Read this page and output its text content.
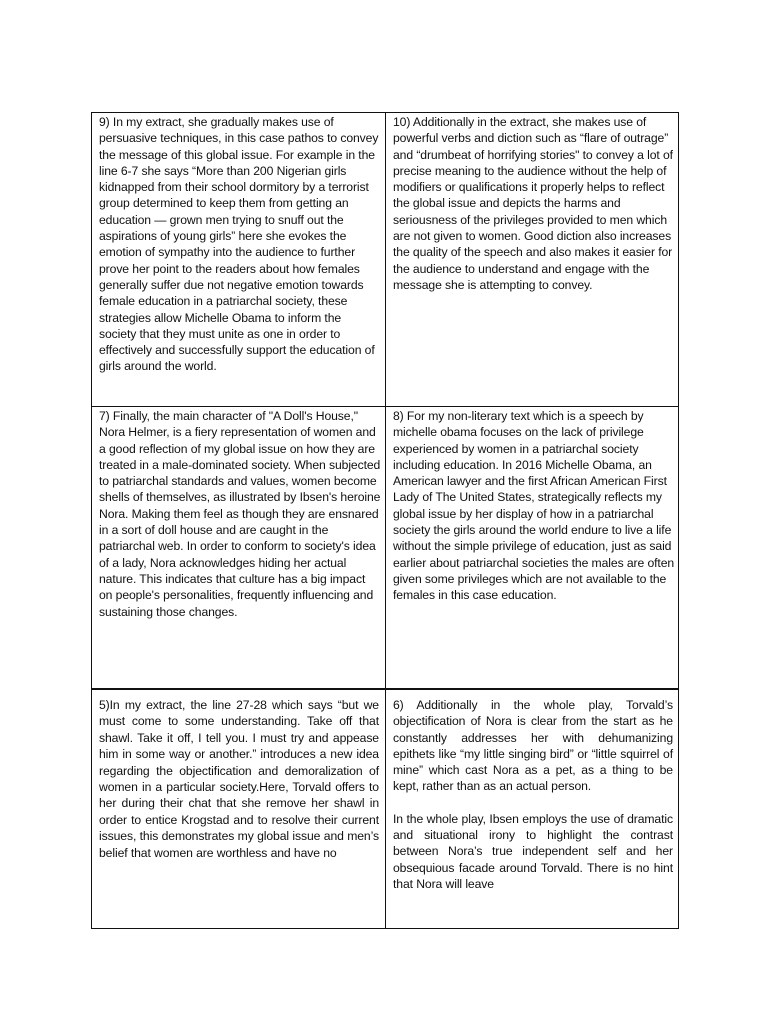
9) In my extract, she gradually makes use of persuasive techniques, in this case pathos to convey the message of this global issue. For example in the line 6-7 she says “More than 200 Nigerian girls kidnapped from their school dormitory by a terrorist group determined to keep them from getting an education — grown men trying to snuff out the aspirations of young girls” here she evokes the emotion of sympathy into the audience to further prove her point to the readers about how females generally suffer due not negative emotion towards female education in a patriarchal society, these strategies allow Michelle Obama to inform the society that they must unite as one in order to effectively and successfully support the education of girls around the world.

10) Additionally in the extract, she makes use of powerful verbs and diction such as “flare of outrage” and “drumbeat of horrifying stories" to convey a lot of precise meaning to the audience without the help of modifiers or qualifications it properly helps to reflect the global issue and depicts the harms and seriousness of the privileges provided to men which are not given to women. Good diction also increases the quality of the speech and also makes it easier for the audience to understand and engage with the message she is attempting to convey.

7) Finally, the main character of "A Doll's House," Nora Helmer, is a fiery representation of women and a good reflection of my global issue on how they are treated in a male-dominated society. When subjected to patriarchal standards and values, women become shells of themselves, as illustrated by Ibsen's heroine Nora. Making them feel as though they are ensnared in a sort of doll house and are caught in the patriarchal web. In order to conform to society's idea of a lady, Nora acknowledges hiding her actual nature. This indicates that culture has a big impact on people's personalities, frequently influencing and sustaining those changes.

8) For my non-literary text which is a speech by michelle obama focuses on the lack of privilege experienced by women in a patriarchal society including education. In 2016 Michelle Obama, an American lawyer and the first African American First Lady of The United States, strategically reflects my global issue by her display of how in a patriarchal society the girls around the world endure to live a life without the simple privilege of education, just as said earlier about patriarchal societies the males are often given some privileges which are not available to the females in this case education.

5)In my extract, the line 27-28 which says “but we must come to some understanding. Take off that shawl. Take it off, I tell you. I must try and appease him in some way or another.” introduces a new idea regarding the objectification and demoralization of women in a particular society.Here, Torvald offers to her during their chat that she remove her shawl in order to entice Krogstad and to resolve their current issues, this demonstrates my global issue and men’s belief that women are worthless and have no

6) Additionally in the whole play, Torvald’s objectification of Nora is clear from the start as he constantly addresses her with dehumanizing epithets like “my little singing bird” or “little squirrel of mine” which cast Nora as a pet, as a thing to be kept, rather than as an actual person.

In the whole play, Ibsen employs the use of dramatic and situational irony to highlight the contrast between Nora’s true independent self and her obsequious facade around Torvald. There is no hint that Nora will leave
